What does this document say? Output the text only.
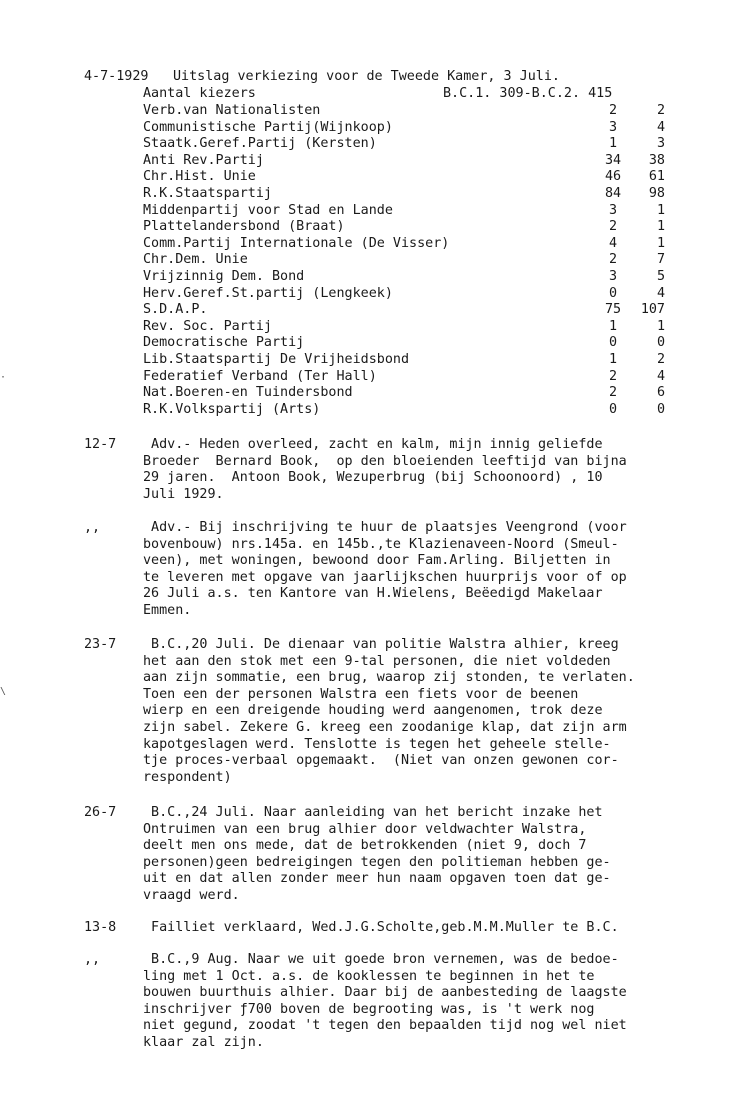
4-7-1929 Uitslag verkiezing voor de Tweede Kamer, 3 Juli.
Aantal kiezers	B.C.1. 309-B.C.2. 415
Verb.van Nationalisten	2	2
Communistische Partij(Wijnkoop)	3	4
Staatk.Geref.Partij (Kersten)	1	3
Anti Rev.Partij	34	38
Chr.Hist. Unie	46	61
R.K.Staatspartij	84	98
Middenpartij voor Stad en Lande	3	1
Plattelandersbond (Braat)	2	1
Comm.Partij Internationale (De Visser)	4	1
Chr.Dem. Unie	2	7
Vrijzinnig Dem. Bond	3	5
Herv.Geref.St.partij (Lengkeek)	0	4
S.D.A.P.	75	107
Rev. Soc. Partij	1	1
Democratische Partij	0	0
Lib.Staatspartij De Vrijheidsbond	1	2
Federatief Verband (Ter Hall)	2	4
Nat.Boeren-en Tuindersbond	2	6
R.K.Volkspartij (Arts)	0	0
12-7 Adv.- Heden overleed, zacht en kalm, mijn innig geliefde
Broeder  Bernard Book,  op den bloeienden leeftijd van bijna
29 jaren.  Antoon Book, Wezuperbrug (bij Schoonoord) , 10
Juli 1929.
,,	Adv.- Bij inschrijving te huur de plaatsjes Veengrond (voor
bovenbouw) nrs.145a. en 145b.,te Klazienaveen-Noord (Smeul-
veen), met woningen, bewoond door Fam.Arling. Biljetten in
te leveren met opgave van jaarlijkschen huurprijs voor of op
26 Juli a.s. ten Kantore van H.Wielens, Beëedigd Makelaar
Emmen.
23-7 B.C.,20 Juli. De dienaar van politie Walstra alhier, kreeg
het aan den stok met een 9-tal personen, die niet voldeden
aan zijn sommatie, een brug, waarop zij stonden, te verlaten.
Toen een der personen Walstra een fiets voor de beenen
wierp en een dreigende houding werd aangenomen, trok deze
zijn sabel. Zekere G. kreeg een zoodanige klap, dat zijn arm
kapotgeslagen werd. Tenslotte is tegen het geheele stelle-
tje proces-verbaal opgemaakt.  (Niet van onzen gewonen cor-
respondent)
26-7 B.C.,24 Juli. Naar aanleiding van het bericht inzake het
Ontruimen van een brug alhier door veldwachter Walstra,
deelt men ons mede, dat de betrokkenden (niet 9, doch 7
personen)geen bedreigingen tegen den politieman hebben ge-
uit en dat allen zonder meer hun naam opgaven toen dat ge-
vraagd werd.
13-8 Failliet verklaard, Wed.J.G.Scholte,geb.M.M.Muller te B.C.
,,	B.C.,9 Aug. Naar we uit goede bron vernemen, was de bedoe-
ling met 1 Oct. a.s. de kooklessen te beginnen in het te
bouwen buurthuis alhier. Daar bij de aanbesteding de laagste
inschrijver ƒ700 boven de begrooting was, is 't werk nog
niet gegund, zoodat 't tegen den bepaalden tijd nog wel niet
klaar zal zijn.
·
\
